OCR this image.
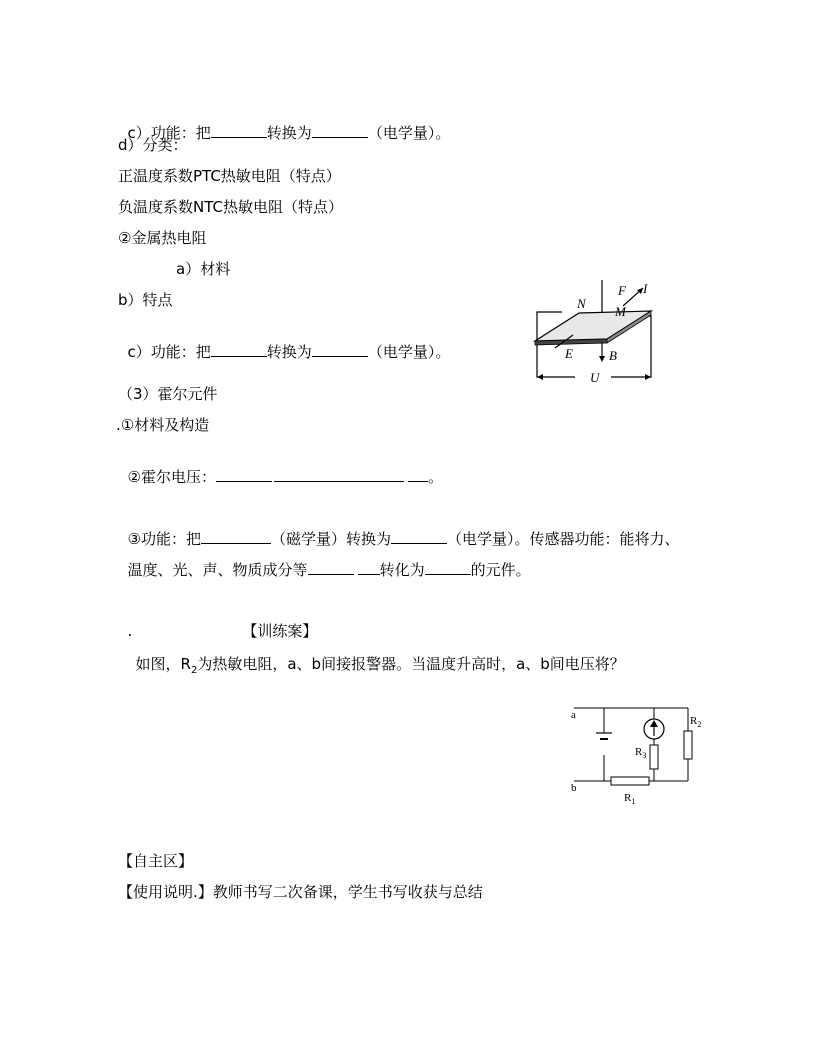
c）功能：把	转换为	（电学量）。

d）分类：
正温度系数PTC热敏电阻（特点）
负温度系数NTC热敏电阻（特点）
②金属热电阻
a）材料
b）特点

c）功能：把	转换为	（电学量）。

（3）霍尔元件
.①材料及构造

②霍尔电压：	。

③功能：把	（磁学量）转换为	（电学量）。传感器功能：能将力、

温度、光、声、物质成分等	转化为	的元件。

.	【训练案】

如图，$R_2$为热敏电阻，a、b间接报警器。当温度升高时，a、b间电压将？

【自主区】
【使用说明.】教师书写二次备课，学生书写收获与总结
N
F I
M
E	B
U
a
b
$R_2$
$R_3$
$R_1$
